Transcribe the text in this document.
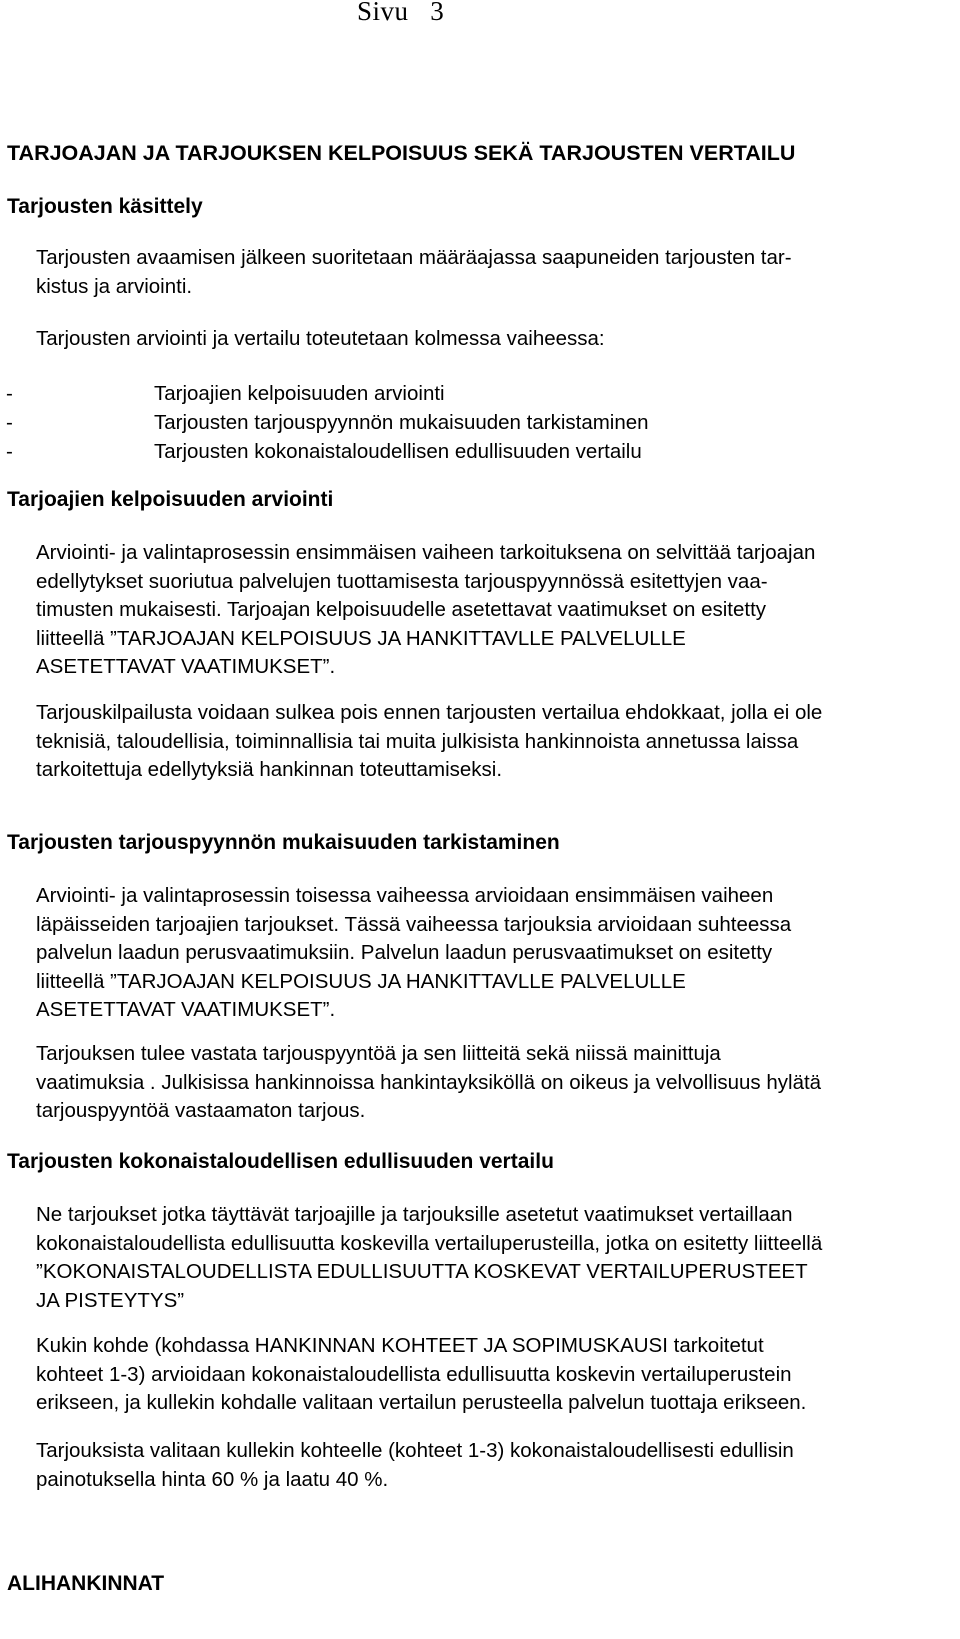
Sivu   3
TARJOAJAN JA TARJOUKSEN KELPOISUUS SEKÄ TARJOUSTEN VERTAILU
Tarjousten käsittely
Tarjousten avaamisen jälkeen suoritetaan määräajassa saapuneiden tarjousten tar-
kistus ja arviointi.
Tarjousten arviointi ja vertailu toteutetaan kolmessa vaiheessa:
-	Tarjoajien kelpoisuuden arviointi
-	Tarjousten tarjouspyynnön mukaisuuden tarkistaminen
-	Tarjousten kokonaistaloudellisen edullisuuden vertailu
Tarjoajien kelpoisuuden arviointi
Arviointi- ja valintaprosessin ensimmäisen vaiheen tarkoituksena on selvittää tarjoajan
edellytykset suoriutua palvelujen tuottamisesta tarjouspyynnössä esitettyjen vaa-
timusten mukaisesti. Tarjoajan kelpoisuudelle asetettavat vaatimukset on esitetty
liitteellä ”TARJOAJAN KELPOISUUS JA HANKITTAVLLE PALVELULLE
ASETETTAVAT VAATIMUKSET”.
Tarjouskilpailusta voidaan sulkea pois ennen tarjousten vertailua ehdokkaat, jolla ei ole
teknisiä, taloudellisia, toiminnallisia tai muita julkisista hankinnoista annetussa laissa
tarkoitettuja edellytyksiä hankinnan toteuttamiseksi.
Tarjousten tarjouspyynnön mukaisuuden tarkistaminen
Arviointi- ja valintaprosessin toisessa vaiheessa arvioidaan ensimmäisen vaiheen
läpäisseiden tarjoajien tarjoukset. Tässä vaiheessa tarjouksia arvioidaan suhteessa
palvelun laadun perusvaatimuksiin. Palvelun laadun perusvaatimukset on esitetty
liitteellä ”TARJOAJAN KELPOISUUS JA HANKITTAVLLE PALVELULLE
ASETETTAVAT VAATIMUKSET”.
Tarjouksen tulee vastata tarjouspyyntöä ja sen liitteitä sekä niissä mainittuja
vaatimuksia . Julkisissa hankinnoissa hankintayksiköllä on oikeus ja velvollisuus hylätä
tarjouspyyntöä vastaamaton tarjous.
Tarjousten kokonaistaloudellisen edullisuuden vertailu
Ne tarjoukset jotka täyttävät tarjoajille ja tarjouksille asetetut vaatimukset vertaillaan
kokonaistaloudellista edullisuutta koskevilla vertailuperusteilla, jotka on esitetty liitteellä
”KOKONAISTALOUDELLISTA EDULLISUUTTA KOSKEVAT VERTAILUPERUSTEET
JA PISTEYTYS”
Kukin kohde (kohdassa HANKINNAN KOHTEET JA SOPIMUSKAUSI tarkoitetut
kohteet 1-3) arvioidaan kokonaistaloudellista edullisuutta koskevin vertailuperustein
erikseen, ja kullekin kohdalle valitaan vertailun perusteella palvelun tuottaja erikseen.
Tarjouksista valitaan kullekin kohteelle (kohteet 1-3) kokonaistaloudellisesti edullisin
painotuksella hinta 60 % ja laatu 40 %.
ALIHANKINNAT
